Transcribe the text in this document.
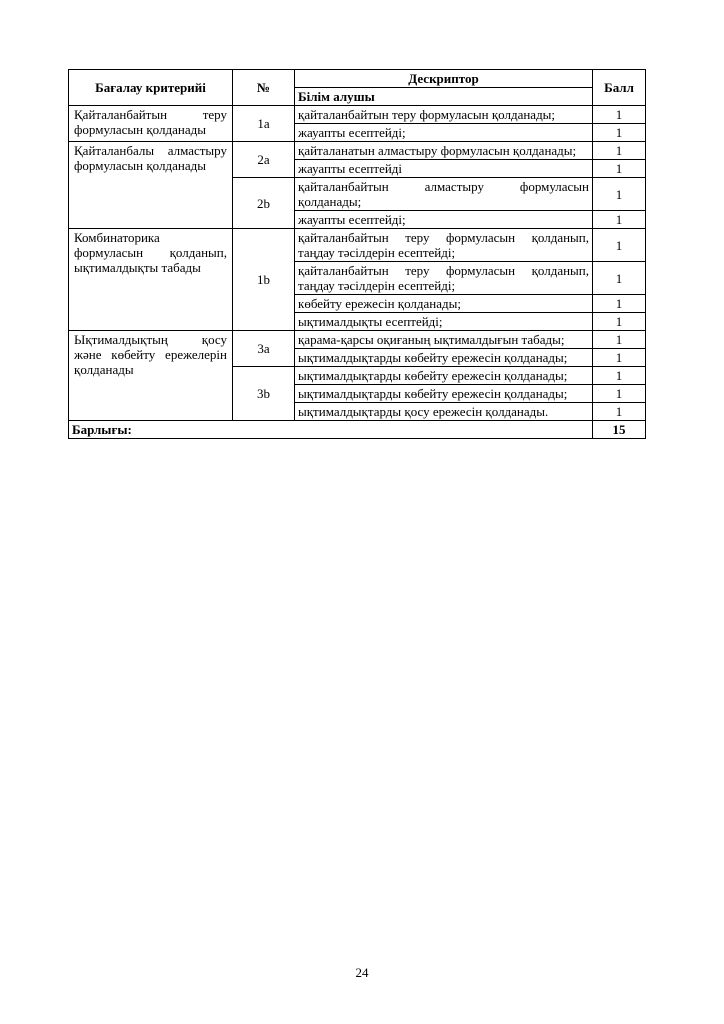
Бағалау критерийі	№	Дескриптор	Балл
		Білім алушы	
Қайталанбайтын теру формуласын қолданады	1a	қайталанбайтын теру формуласын қолданады;	1
		жауапты есептейді;	1
Қайталанбалы алмастыру формуласын қолданады	2a	қайталанатын алмастыру формуласын қолданады;	1
		жауапты есептейді	1
	2b	қайталанбайтын алмастыру формуласын қолданады;	1
		жауапты есептейді;	1
Комбинаторика формуласын қолданып, ықтималдықты табады	1b	қайталанбайтын теру формуласын қолданып, таңдау тәсілдерін есептейді;	1
		қайталанбайтын теру формуласын қолданып, таңдау тәсілдерін есептейді;	1
		көбейту ережесін қолданады;	1
		ықтималдықты есептейді;	1
Ықтималдықтың қосу және көбейту ережелерін қолданады	3a	қарама-қарсы оқиғаның ықтималдығын табады;	1
		ықтималдықтарды көбейту ережесін қолданады;	1
	3b	ықтималдықтарды көбейту ережесін қолданады;	1
		ықтималдықтарды көбейту ережесін қолданады;	1
		ықтималдықтарды қосу ережесін қолданады.	1
Барлығы:			15
24
